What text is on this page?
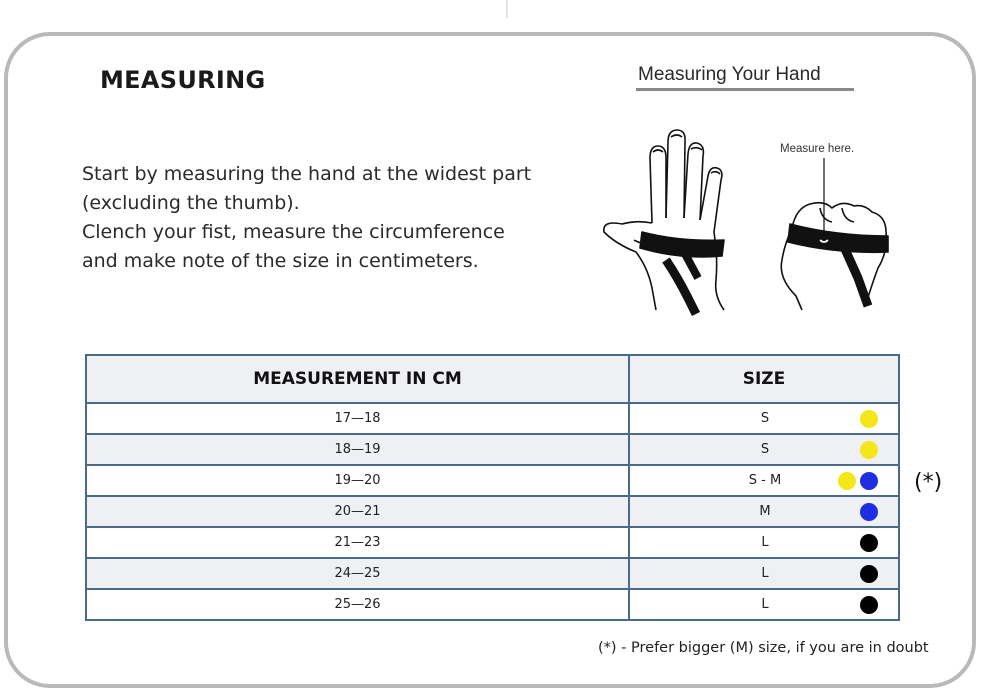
MEASURING
Start by measuring the hand at the widest part
(excluding the thumb).
Clench your fist, measure the circumference
and make note of the size in centimeters.
Measuring Your Hand
Measure here.
MEASUREMENT IN CM	SIZE
17—18	S

18—19	S

19—20	S - M

20—21	M

21—23	L

24—25	L

25—26	L
(*)
(*) - Prefer bigger (M) size, if you are in doubt
